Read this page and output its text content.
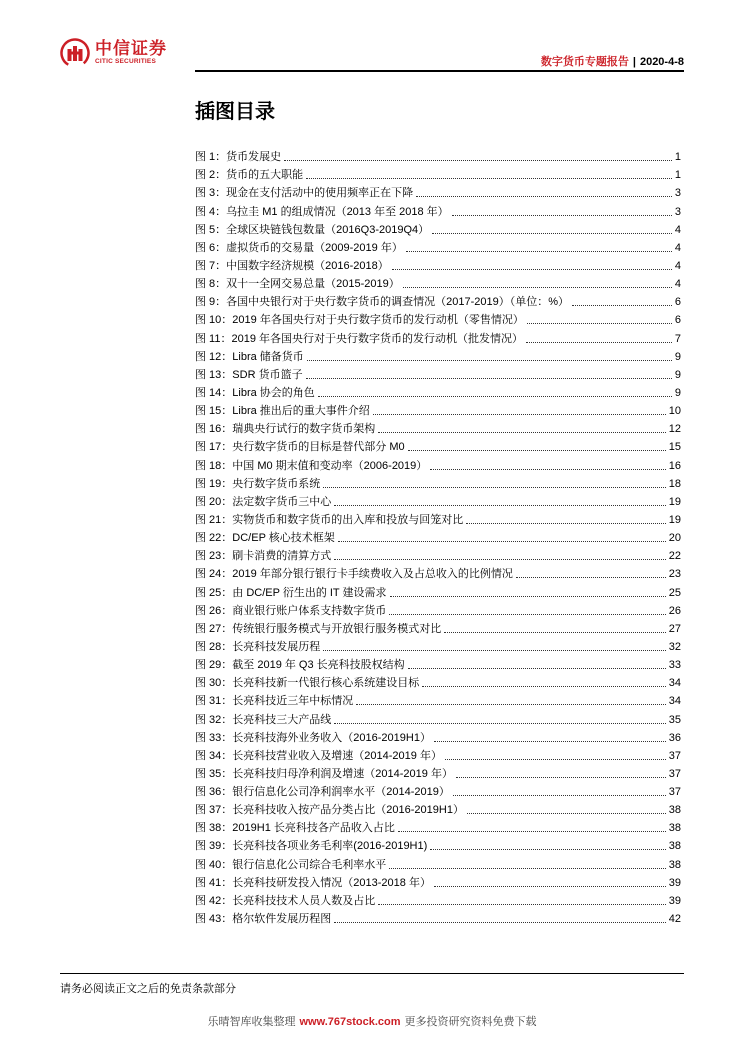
中信证券
CITIC SECURITIES	数字货币专题报告 | 2020-4-8
插图目录
图 1：货币发展史	1
图 2：货币的五大职能	1
图 3：现金在支付活动中的使用频率正在下降	3
图 4：乌拉圭 M1 的组成情况（2013 年至 2018 年）	3
图 5：全球区块链钱包数量（2016Q3-2019Q4）	4
图 6：虚拟货币的交易量（2009-2019 年）	4
图 7：中国数字经济规模（2016-2018）	4
图 8：双十一全网交易总量（2015-2019）	4
图 9：各国中央银行对于央行数字货币的调查情况（2017-2019）（单位：%）	6
图 10：2019 年各国央行对于央行数字货币的发行动机（零售情况）	6
图 11：2019 年各国央行对于央行数字货币的发行动机（批发情况）	7
图 12：Libra 储备货币	9
图 13：SDR 货币篮子	9
图 14：Libra 协会的角色	9
图 15：Libra 推出后的重大事件介绍	10
图 16：瑞典央行试行的数字货币架构	12
图 17：央行数字货币的目标是替代部分 M0	15
图 18：中国 M0 期末值和变动率（2006-2019）	16
图 19：央行数字货币系统	18
图 20：法定数字货币三中心	19
图 21：实物货币和数字货币的出入库和投放与回笼对比	19
图 22：DC/EP 核心技术框架	20
图 23：刷卡消费的清算方式	22
图 24：2019 年部分银行银行卡手续费收入及占总收入的比例情况	23
图 25：由 DC/EP 衍生出的 IT 建设需求	25
图 26：商业银行账户体系支持数字货币	26
图 27：传统银行服务模式与开放银行服务模式对比	27
图 28：长亮科技发展历程	32
图 29：截至 2019 年 Q3 长亮科技股权结构	33
图 30：长亮科技新一代银行核心系统建设目标	34
图 31：长亮科技近三年中标情况	34
图 32：长亮科技三大产品线	35
图 33：长亮科技海外业务收入（2016-2019H1）	36
图 34：长亮科技营业收入及增速（2014-2019 年）	37
图 35：长亮科技归母净利润及增速（2014-2019 年）	37
图 36：银行信息化公司净利润率水平（2014-2019）	37
图 37：长亮科技收入按产品分类占比（2016-2019H1）	38
图 38：2019H1 长亮科技各产品收入占比	38
图 39：长亮科技各项业务毛利率(2016-2019H1)	38
图 40：银行信息化公司综合毛利率水平	38
图 41：长亮科技研发投入情况（2013-2018 年）	39
图 42：长亮科技技术人员人数及占比	39
图 43：格尔软件发展历程图	42
请务必阅读正文之后的免责条款部分
乐晴智库收集整理 www.767stock.com 更多投资研究资料免费下载
